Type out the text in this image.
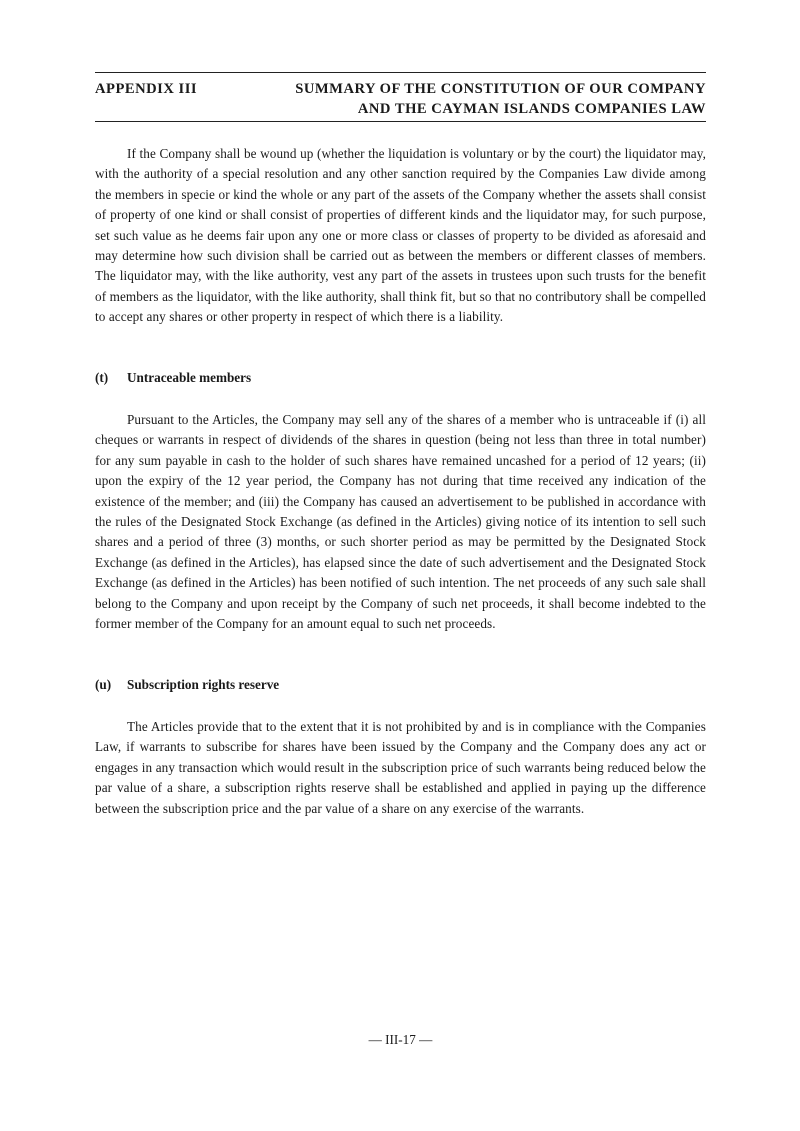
APPENDIX III	SUMMARY OF THE CONSTITUTION OF OUR COMPANY
AND THE CAYMAN ISLANDS COMPANIES LAW

If the Company shall be wound up (whether the liquidation is voluntary or by the court) the liquidator may, with the authority of a special resolution and any other sanction required by the Companies Law divide among the members in specie or kind the whole or any part of the assets of the Company whether the assets shall consist of property of one kind or shall consist of properties of different kinds and the liquidator may, for such purpose, set such value as he deems fair upon any one or more class or classes of property to be divided as aforesaid and may determine how such division shall be carried out as between the members or different classes of members. The liquidator may, with the like authority, vest any part of the assets in trustees upon such trusts for the benefit of members as the liquidator, with the like authority, shall think fit, but so that no contributory shall be compelled to accept any shares or other property in respect of which there is a liability.

(t) Untraceable members

Pursuant to the Articles, the Company may sell any of the shares of a member who is untraceable if (i) all cheques or warrants in respect of dividends of the shares in question (being not less than three in total number) for any sum payable in cash to the holder of such shares have remained uncashed for a period of 12 years; (ii) upon the expiry of the 12 year period, the Company has not during that time received any indication of the existence of the member; and (iii) the Company has caused an advertisement to be published in accordance with the rules of the Designated Stock Exchange (as defined in the Articles) giving notice of its intention to sell such shares and a period of three (3) months, or such shorter period as may be permitted by the Designated Stock Exchange (as defined in the Articles), has elapsed since the date of such advertisement and the Designated Stock Exchange (as defined in the Articles) has been notified of such intention. The net proceeds of any such sale shall belong to the Company and upon receipt by the Company of such net proceeds, it shall become indebted to the former member of the Company for an amount equal to such net proceeds.

(u) Subscription rights reserve

The Articles provide that to the extent that it is not prohibited by and is in compliance with the Companies Law, if warrants to subscribe for shares have been issued by the Company and the Company does any act or engages in any transaction which would result in the subscription price of such warrants being reduced below the par value of a share, a subscription rights reserve shall be established and applied in paying up the difference between the subscription price and the par value of a share on any exercise of the warrants.

— III-17 —
